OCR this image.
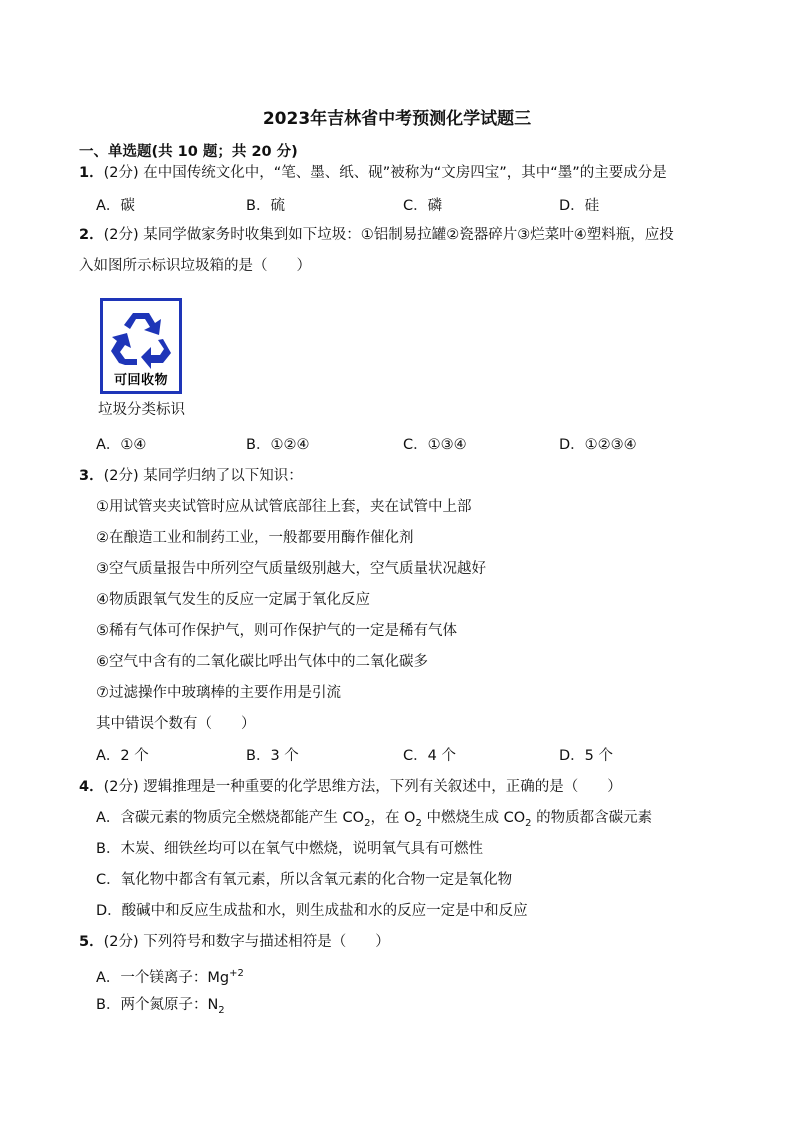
2023年吉林省中考预测化学试题三
一、单选题(共 10 题；共 20 分)
1．(2分) 在中国传统文化中，“笔、墨、纸、砚”被称为“文房四宝”，其中“墨”的主要成分是
A．碳	B．硫	C．磷	D．硅
2．(2分) 某同学做家务时收集到如下垃圾：①铝制易拉罐②瓷器碎片③烂菜叶④塑料瓶，应投
入如图所示标识垃圾箱的是（　　）
可回收物
垃圾分类标识
A．①④	B．①②④	C．①③④	D．①②③④
3．(2分) 某同学归纳了以下知识：
①用试管夹夹试管时应从试管底部往上套，夹在试管中上部
②在酿造工业和制药工业，一般都要用酶作催化剂
③空气质量报告中所列空气质量级别越大，空气质量状况越好
④物质跟氧气发生的反应一定属于氧化反应
⑤稀有气体可作保护气，则可作保护气的一定是稀有气体
⑥空气中含有的二氧化碳比呼出气体中的二氧化碳多
⑦过滤操作中玻璃棒的主要作用是引流
其中错误个数有（　　）
A．2 个	B．3 个	C．4 个	D．5 个
4．(2分) 逻辑推理是一种重要的化学思维方法，下列有关叙述中，正确的是（　　）
A．含碳元素的物质完全燃烧都能产生 $CO_2$，在 $O_2$ 中燃烧生成 $CO_2$ 的物质都含碳元素
B．木炭、细铁丝均可以在氧气中燃烧，说明氧气具有可燃性
C．氧化物中都含有氧元素，所以含氧元素的化合物一定是氧化物
D．酸碱中和反应生成盐和水，则生成盐和水的反应一定是中和反应
5．(2分) 下列符号和数字与描述相符是（　　）
A．一个镁离子：$Mg^{+2}$
B．两个氮原子：$N_2$
